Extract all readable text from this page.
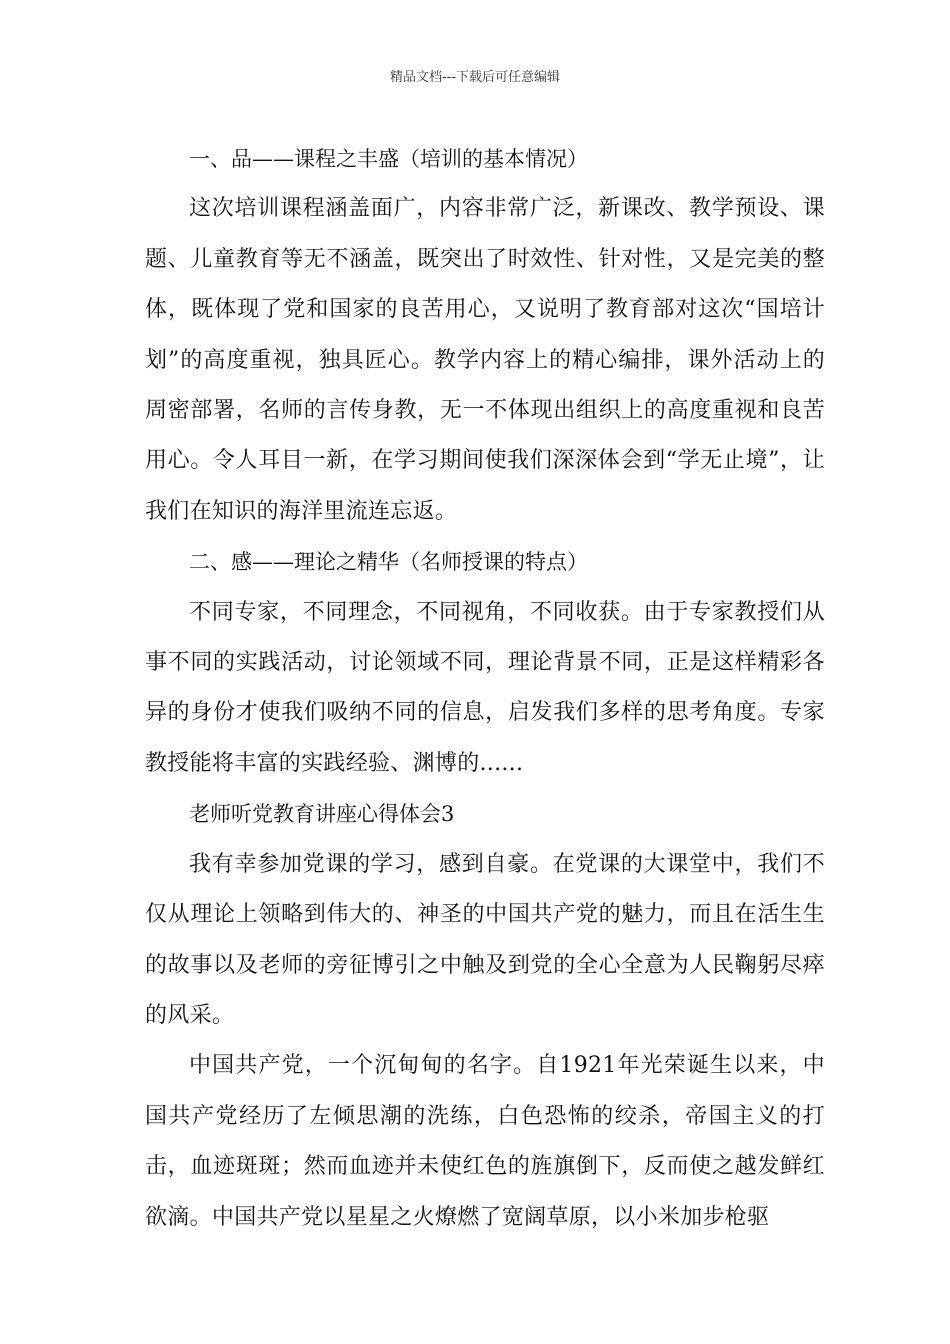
精品文档---下载后可任意编辑

一、品——课程之丰盛（培训的基本情况）

这次培训课程涵盖面广，内容非常广泛，新课改、教学预设、课题、儿童教育等无不涵盖，既突出了时效性、针对性，又是完美的整体，既体现了党和国家的良苦用心，又说明了教育部对这次“国培计划”的高度重视，独具匠心。教学内容上的精心编排，课外活动上的周密部署，名师的言传身教，无一不体现出组织上的高度重视和良苦用心。令人耳目一新，在学习期间使我们深深体会到“学无止境”，让我们在知识的海洋里流连忘返。

二、感——理论之精华（名师授课的特点）

不同专家，不同理念，不同视角，不同收获。由于专家教授们从事不同的实践活动，讨论领域不同，理论背景不同，正是这样精彩各异的身份才使我们吸纳不同的信息，启发我们多样的思考角度。专家教授能将丰富的实践经验、渊博的......

老师听党教育讲座心得体会3

我有幸参加党课的学习，感到自豪。在党课的大课堂中，我们不仅从理论上领略到伟大的、神圣的中国共产党的魅力，而且在活生生的故事以及老师的旁征博引之中触及到党的全心全意为人民鞠躬尽瘁的风采。

中国共产党，一个沉甸甸的名字。自1921年光荣诞生以来，中国共产党经历了左倾思潮的洗练，白色恐怖的绞杀，帝国主义的打击，血迹斑斑；然而血迹并未使红色的旌旗倒下，反而使之越发鲜红欲滴。中国共产党以星星之火燎燃了宽阔草原，以小米加步枪驱
